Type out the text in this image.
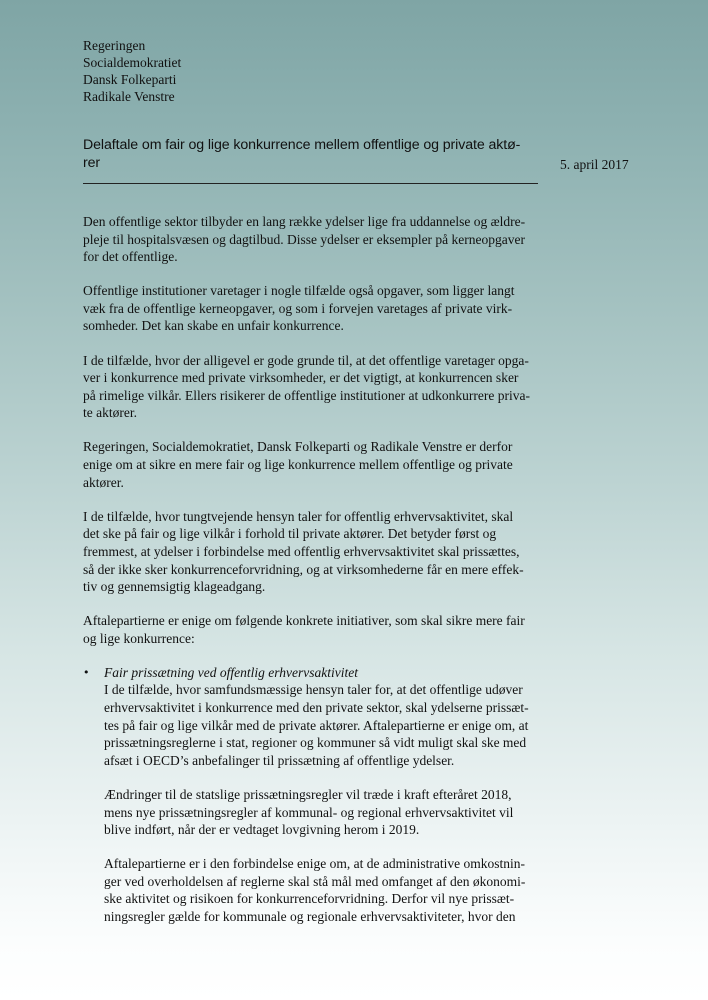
Regeringen
Socialdemokratiet
Dansk Folkeparti
Radikale Venstre
Delaftale om fair og lige konkurrence mellem offentlige og private aktø-
rer	5. april 2017

Den offentlige sektor tilbyder en lang række ydelser lige fra uddannelse og ældre-
pleje til hospitalsvæsen og dagtilbud. Disse ydelser er eksempler på kerneopgaver
for det offentlige.

Offentlige institutioner varetager i nogle tilfælde også opgaver, som ligger langt
væk fra de offentlige kerneopgaver, og som i forvejen varetages af private virk-
somheder. Det kan skabe en unfair konkurrence.

I de tilfælde, hvor der alligevel er gode grunde til, at det offentlige varetager opga-
ver i konkurrence med private virksomheder, er det vigtigt, at konkurrencen sker
på rimelige vilkår. Ellers risikerer de offentlige institutioner at udkonkurrere priva-
te aktører.

Regeringen, Socialdemokratiet, Dansk Folkeparti og Radikale Venstre er derfor
enige om at sikre en mere fair og lige konkurrence mellem offentlige og private
aktører.

I de tilfælde, hvor tungtvejende hensyn taler for offentlig erhvervsaktivitet, skal
det ske på fair og lige vilkår i forhold til private aktører. Det betyder først og
fremmest, at ydelser i forbindelse med offentlig erhvervsaktivitet skal prissættes,
så der ikke sker konkurrenceforvridning, og at virksomhederne får en mere effek-
tiv og gennemsigtig klageadgang.

Aftalepartierne er enige om følgende konkrete initiativer, som skal sikre mere fair
og lige konkurrence:

• Fair prissætning ved offentlig erhvervsaktivitet

I de tilfælde, hvor samfundsmæssige hensyn taler for, at det offentlige udøver
erhvervsaktivitet i konkurrence med den private sektor, skal ydelserne prissæt-
tes på fair og lige vilkår med de private aktører. Aftalepartierne er enige om, at
prissætningsreglerne i stat, regioner og kommuner så vidt muligt skal ske med
afsæt i OECD’s anbefalinger til prissætning af offentlige ydelser.

Ændringer til de statslige prissætningsregler vil træde i kraft efteråret 2018,
mens nye prissætningsregler af kommunal- og regional erhvervsaktivitet vil
blive indført, når der er vedtaget lovgivning herom i 2019.

Aftalepartierne er i den forbindelse enige om, at de administrative omkostnin-
ger ved overholdelsen af reglerne skal stå mål med omfanget af den økonomi-
ske aktivitet og risikoen for konkurrenceforvridning. Derfor vil nye prissæt-
ningsregler gælde for kommunale og regionale erhvervsaktiviteter, hvor den
